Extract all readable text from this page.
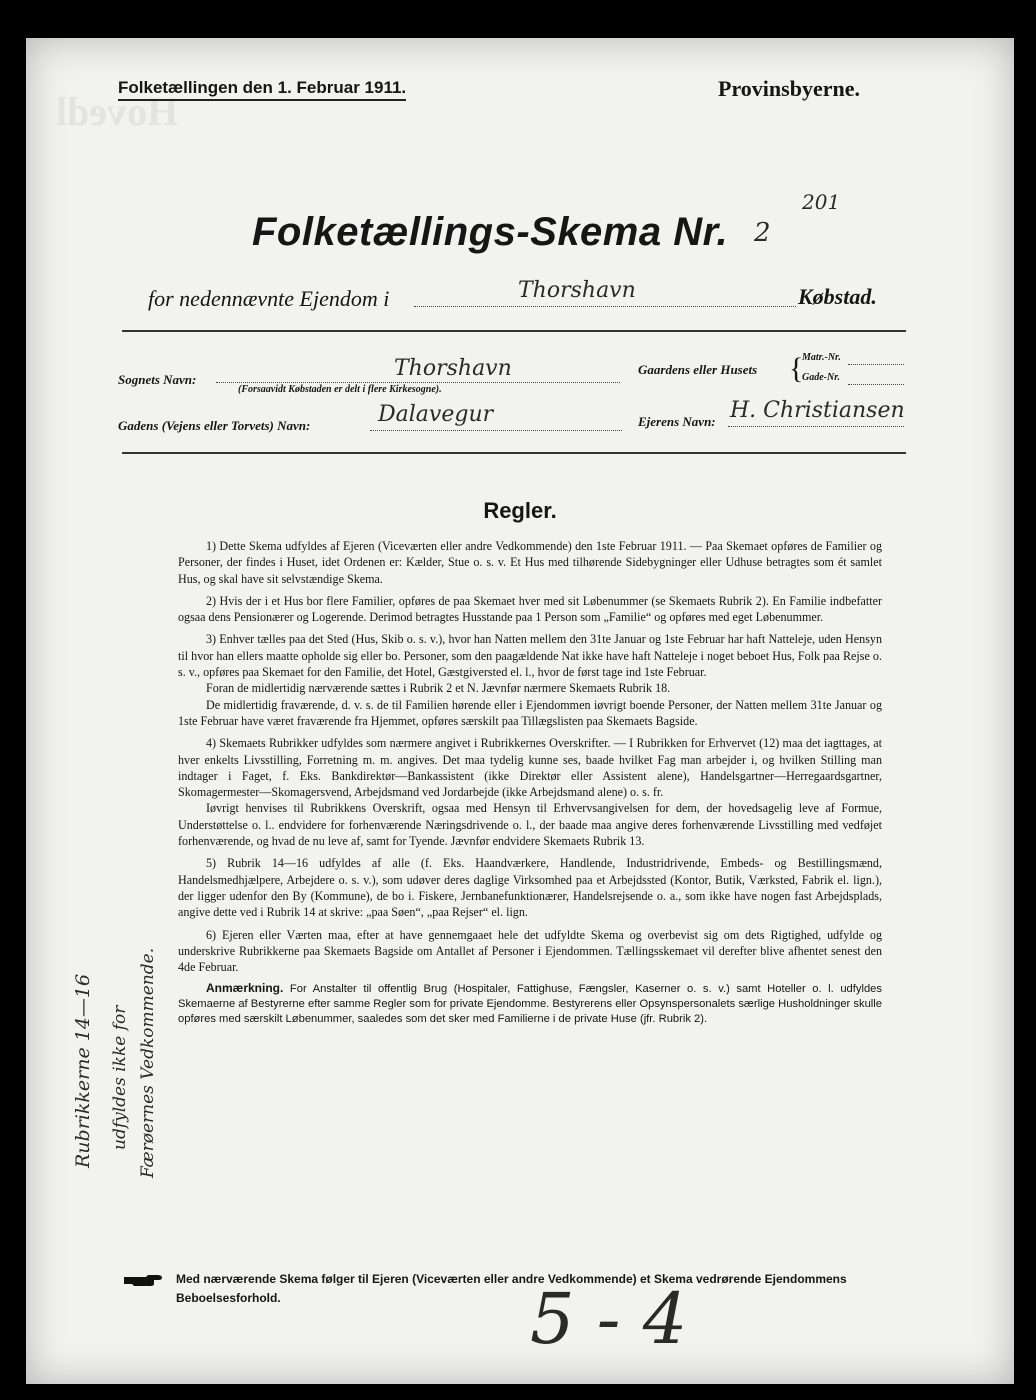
Hovedl
Folketællingen den 1. Februar 1911.	Provinsbyerne.
201
Folketællings-Skema Nr. 2
for nedennævnte Ejendom i	Thorshavn	Købstad.
Sognets Navn:	Thorshavn
(Forsaavidt Købstaden er delt i flere Kirkesogne).
Gaardens eller Husets {
Matr.-Nr.
Gade-Nr.
Gadens (Vejens eller Torvets) Navn:	Dalavegur	Ejerens Navn: H. Christiansen
Regler.

1) Dette Skema udfyldes af Ejeren (Viceværten eller andre Vedkommende) den 1ste Februar 1911. — Paa Skemaet opføres de Familier og Personer, der findes i Huset, idet Ordenen er: Kælder, Stue o. s. v. Et Hus med tilhørende Sidebygninger eller Udhuse betragtes som ét samlet Hus, og skal have sit selvstændige Skema.

2) Hvis der i et Hus bor flere Familier, opføres de paa Skemaet hver med sit Løbenummer (se Skemaets Rubrik 2). En Familie indbefatter ogsaa dens Pensionærer og Logerende. Derimod betragtes Husstande paa 1 Person som „Familie“ og opføres med eget Løbenummer.

3) Enhver tælles paa det Sted (Hus, Skib o. s. v.), hvor han Natten mellem den 31te Januar og 1ste Februar har haft Natteleje, uden Hensyn til hvor han ellers maatte opholde sig eller bo. Personer, som den paagældende Nat ikke have haft Natteleje i noget beboet Hus, Folk paa Rejse o. s. v., opføres paa Skemaet for den Familie, det Hotel, Gæstgiversted el. l., hvor de først tage ind 1ste Februar.

Foran de midlertidig nærværende sættes i Rubrik 2 et N. Jævnfør nærmere Skemaets Rubrik 18.

De midlertidig fraværende, d. v. s. de til Familien hørende eller i Ejendommen iøvrigt boende Personer, der Natten mellem 31te Januar og 1ste Februar have været fraværende fra Hjemmet, opføres særskilt paa Tillægslisten paa Skemaets Bagside.

4) Skemaets Rubrikker udfyldes som nærmere angivet i Rubrikkernes Overskrifter. — I Rubrikken for Erhvervet (12) maa det iagttages, at hver enkelts Livsstilling, Forretning m. m. angives. Det maa tydelig kunne ses, baade hvilket Fag man arbejder i, og hvilken Stilling man indtager i Faget, f. Eks. Bankdirektør—Bankassistent (ikke Direktør eller Assistent alene), Handelsgartner—Herregaardsgartner, Skomagermester—Skomagersvend, Arbejdsmand ved Jordarbejde (ikke Arbejdsmand alene) o. s. fr.

Iøvrigt henvises til Rubrikkens Overskrift, ogsaa med Hensyn til Erhvervsangivelsen for dem, der hovedsagelig leve af Formue, Understøttelse o. l.. endvidere for forhenværende Næringsdrivende o. l., der baade maa angive deres forhenværende Livsstilling med vedføjet forhenværende, og hvad de nu leve af, samt for Tyende. Jævnfør endvidere Skemaets Rubrik 13.

5) Rubrik 14—16 udfyldes af alle (f. Eks. Haandværkere, Handlende, Industridrivende, Embeds- og Bestillingsmænd, Handelsmedhjælpere, Arbejdere o. s. v.), som udøver deres daglige Virksomhed paa et Arbejdssted (Kontor, Butik, Værksted, Fabrik el. lign.), der ligger udenfor den By (Kommune), de bo i. Fiskere, Jernbanefunktionærer, Handelsrejsende o. a., som ikke have nogen fast Arbejdsplads, angive dette ved i Rubrik 14 at skrive: „paa Søen“, „paa Rejser“ el. lign.

6) Ejeren eller Værten maa, efter at have gennemgaaet hele det udfyldte Skema og overbevist sig om dets Rigtighed, udfylde og underskrive Rubrikkerne paa Skemaets Bagside om Antallet af Personer i Ejendommen. Tællingsskemaet vil derefter blive afhentet senest den 4de Februar.

Anmærkning. For Anstalter til offentlig Brug (Hospitaler, Fattighuse, Fængsler, Kaserner o. s. v.) samt Hoteller o. l. udfyldes Skemaerne af Bestyrerne efter samme Regler som for private Ejendomme. Bestyrerens eller Opsynspersonalets særlige Husholdninger skulle opføres med særskilt Løbenummer, saaledes som det sker med Familierne i de private Huse (jfr. Rubrik 2).

Rubrikkerne 14—16 udfyldes ikke for Færøernes Vedkommende.
Med nærværende Skema følger til Ejeren (Viceværten eller andre Vedkommende) et Skema vedrørende Ejendommens Beboelsesforhold.	5 - 4
